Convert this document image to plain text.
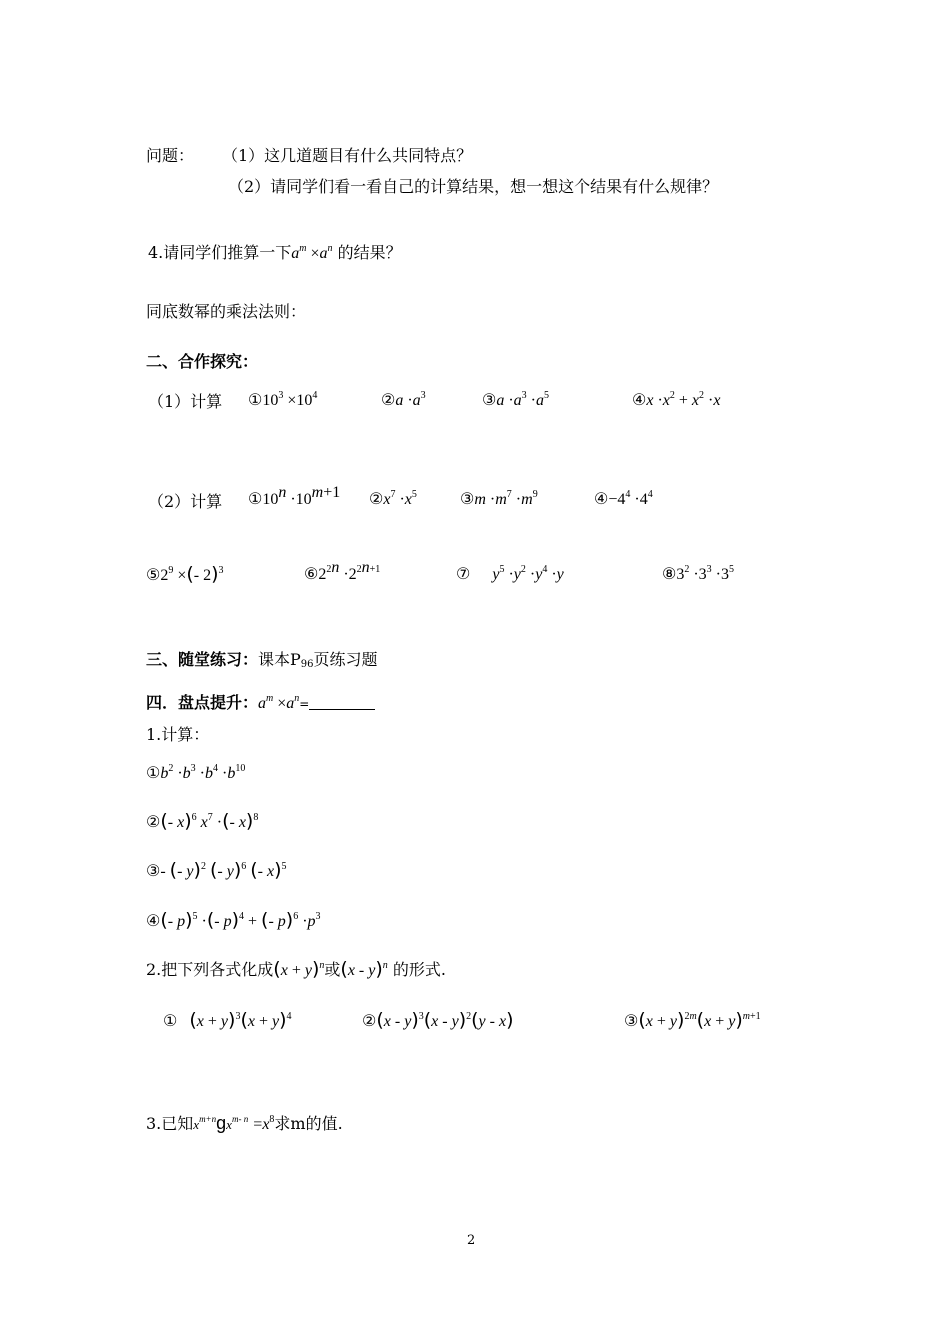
问题： （1）这几道题目有什么共同特点？
（2）请同学们看一看自己的计算结果，想一想这个结果有什么规律？
4.请同学们推算一下$a^m \times a^n$ 的结果？
同底数幂的乘法法则：
二、合作探究：
（1）计算 $①10^3 \times 10^4$	②a $\cdot a^3$	③a $\cdot a^3 \cdot a^5$	④x $\cdot x^2 + x^2 \cdot x$
（2）计算 $①10^n \cdot 10^{m+1}$ $②x^7 \cdot x^5$	③m $\cdot m^7 \cdot m^9$	$④-4^4 \cdot 4^4$
$⑤2^9$ ×(- 2)$^3$	$⑥2^{2n} \cdot 2^{2n+1}$	⑦ $y^5 \cdot y^2 \cdot y^4 \cdot y$	$⑧3^2 \cdot 3^3 \cdot 3^5$
三、随堂练习：课本$P_{96}$页练习题
四．盘点提升：$a^m \times a^n=$
1.计算：
$①b^2 \cdot b^3 \cdot b^4 \cdot b^{10}$
②(- x)$^6$ $x^7$ ·(- x)$^8$
③- (- y)$^2$ (- y)$^6$ (- x)$^5$
④(- p)$^5$ ·(- p)$^4$ + (- $p)^6 \cdot p^3$
2.把下列各式化成$(x + y)^n$或(x - y)$^n$ 的形式.
① $(x + y)^3(x + y)^4$	②(x - y)$^3$(x - y)$^2$(y - x)	③(x + $y)^{2m}(x + y)^{m+1}$
3.已知$x^{m+n}gx^{m- n} =x^8$求m的值.
2
